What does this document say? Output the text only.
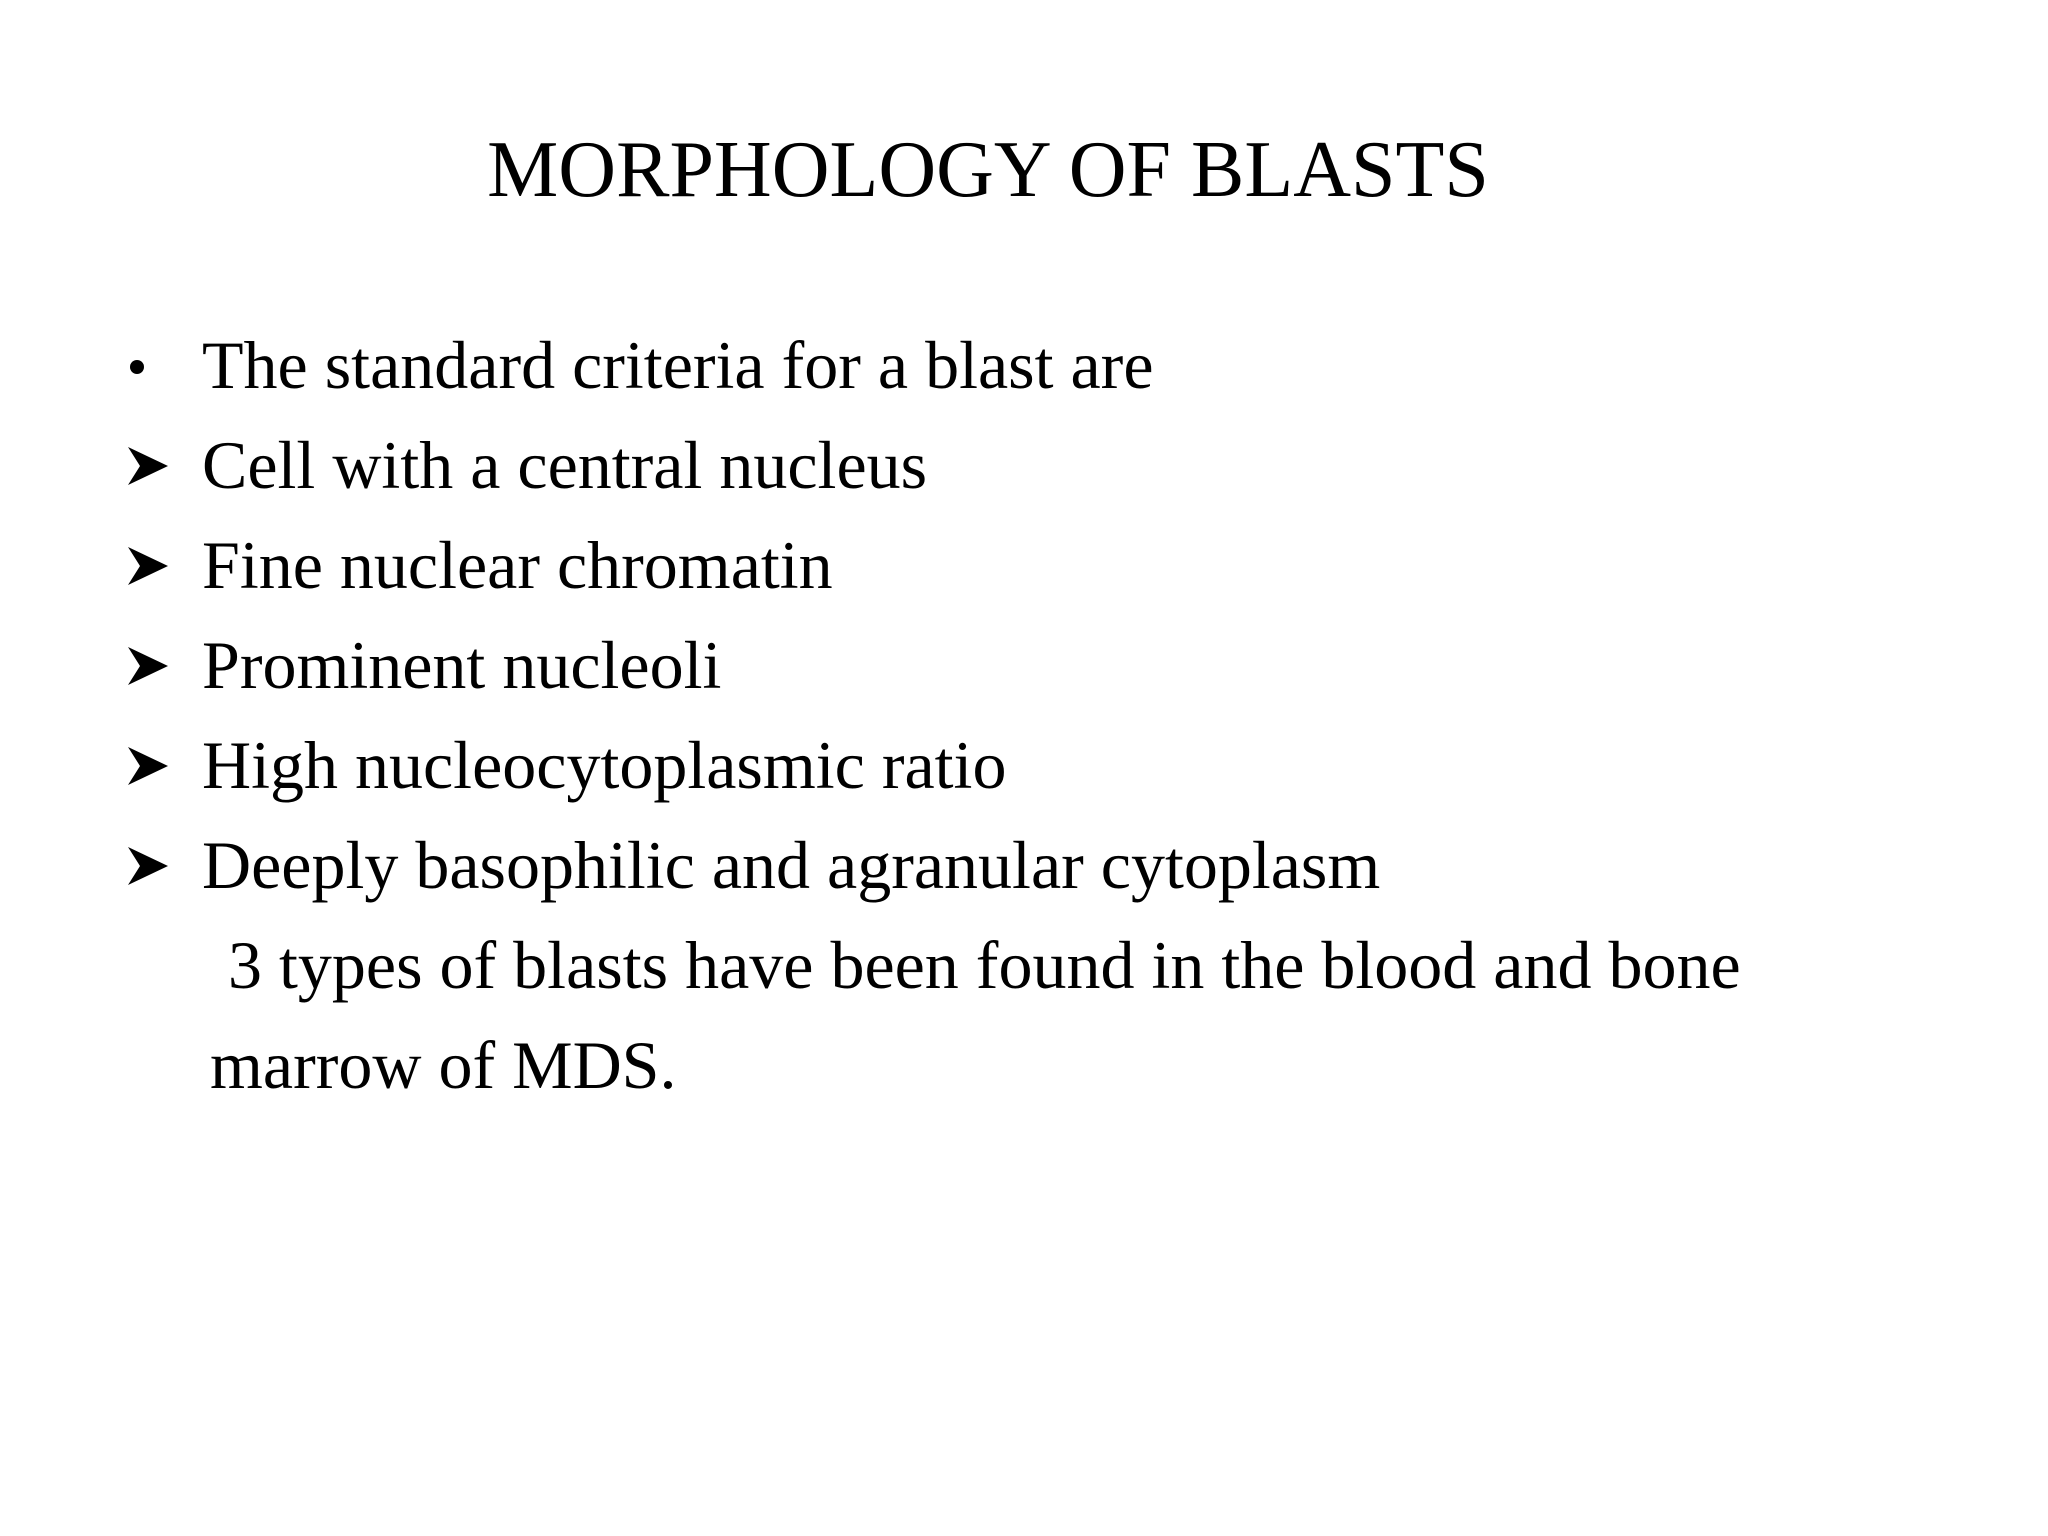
MORPHOLOGY OF BLASTS
The standard criteria for a blast are
Cell with a central nucleus
Fine nuclear chromatin
Prominent nucleoli
High nucleocytoplasmic ratio
Deeply basophilic and agranular cytoplasm
3 types of blasts have been found in the blood and bone
marrow of MDS.
